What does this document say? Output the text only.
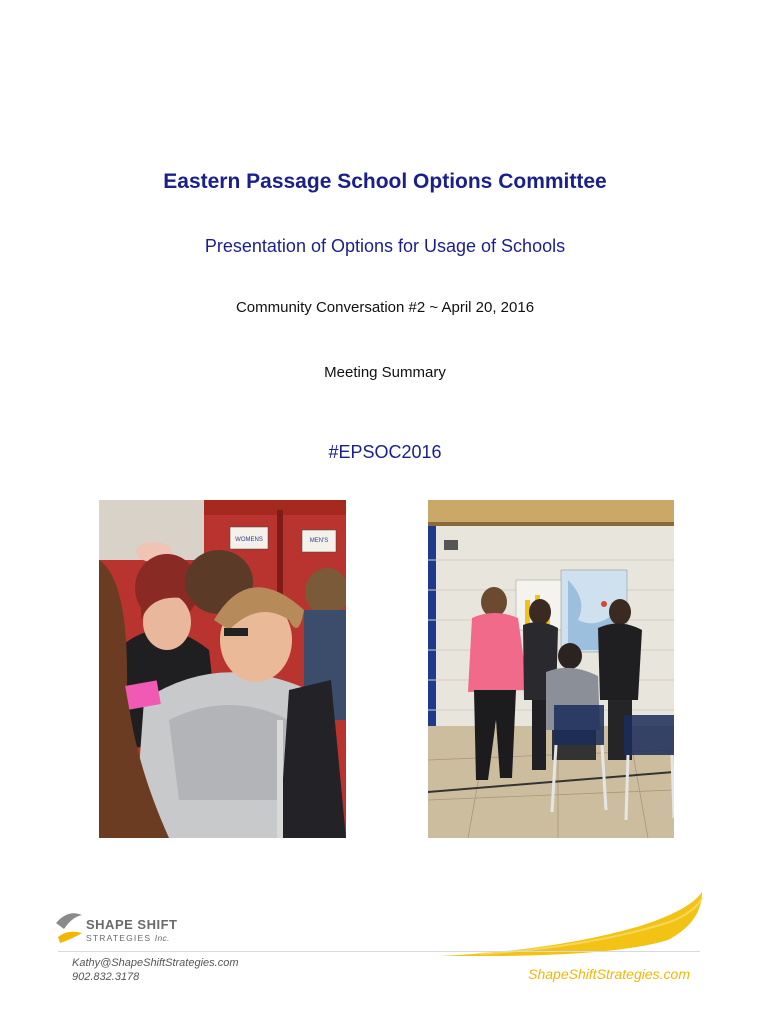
Eastern Passage School Options Committee
Presentation of Options for Usage of Schools
Community Conversation #2 ~ April 20, 2016
Meeting Summary
#EPSOC2016
WOMENS	MEN'S
SHAPE SHIFT
STRATEGIES Inc.
Kathy@ShapeShiftStrategies.com
902.832.3178	ShapeShiftStrategies.com
